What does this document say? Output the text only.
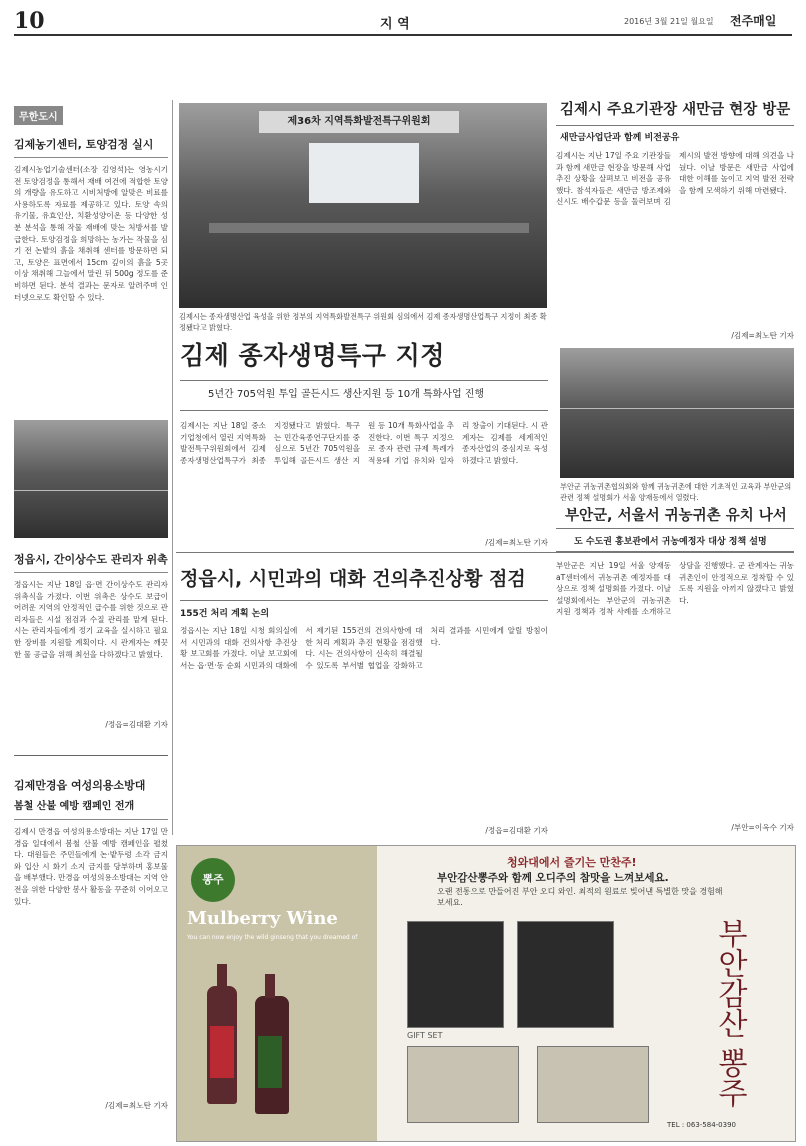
10	지 역	2016년 3월 21일 월요일 전주매일
무한도시
김제농기센터, 토양검정 실시
김제시농업기술센터(소장 김영석)는 영농시기 전 토양검정을 통해서 재배 여건에 적합한 토양의 개량을 유도하고 시비처방에 알맞은 비료를 사용하도록 자료를 제공하고 있다. 토양 속의 유기물, 유효인산, 치환성양이온 등 다양한 성분 분석을 통해 작물 재배에 맞는 처방서를 발급한다. 토양검정을 희망하는 농가는 작물을 심기 전 논밭의 흙을 채취해 센터를 방문하면 되고, 토양은 표면에서 15cm 깊이의 흙을 5곳 이상 채취해 그늘에서 말린 뒤 500g 정도를 준비하면 된다. 분석 결과는 문자로 알려주며 인터넷으로도 확인할 수 있다.
정읍시, 간이상수도 관리자 위촉
정읍시는 지난 18일 읍·면 간이상수도 관리자 위촉식을 가졌다. 이번 위촉은 상수도 보급이 어려운 지역의 안정적인 급수를 위한 것으로 관리자들은 시설 점검과 수질 관리를 맡게 된다. 시는 관리자들에게 정기 교육을 실시하고 필요한 장비를 지원할 계획이다. 시 관계자는 깨끗한 물 공급을 위해 최선을 다하겠다고 밝혔다.
/정읍=김대환 기자
김제만경읍 여성의용소방대
봄철 산불 예방 캠페인 전개
김제시 만경읍 여성의용소방대는 지난 17일 만경읍 일대에서 봄철 산불 예방 캠페인을 펼쳤다. 대원들은 주민들에게 논·밭두렁 소각 금지와 입산 시 화기 소지 금지를 당부하며 홍보물을 배부했다. 만경읍 여성의용소방대는 지역 안전을 위한 다양한 봉사 활동을 꾸준히 이어오고 있다.
/김제=최노탄 기자
제36차 지역특화발전특구위원회
김제시는 종자생명산업 육성을 위한 정부의 지역특화발전특구 위원회 심의에서 김제 종자생명산업특구 지정이 최종 확정됐다고 밝혔다.
김제 종자생명특구 지정
5년간 705억원 투입 골든시드 생산지원 등 10개 특화사업 진행
김제시는 지난 18일 중소기업청에서 열린 지역특화발전특구위원회에서 김제 종자생명산업특구가 최종 지정됐다고 밝혔다. 특구는 민간육종연구단지를 중심으로 5년간 705억원을 투입해 골든시드 생산 지원 등 10개 특화사업을 추진한다. 이번 특구 지정으로 종자 관련 규제 특례가 적용돼 기업 유치와 일자리 창출이 기대된다. 시 관계자는 김제를 세계적인 종자산업의 중심지로 육성하겠다고 밝혔다.
/김제=최노탄 기자
정읍시, 시민과의 대화 건의추진상황 점검
155건 처리 계획 논의
정읍시는 지난 18일 시청 회의실에서 시민과의 대화 건의사항 추진상황 보고회를 가졌다. 이날 보고회에서는 읍·면·동 순회 시민과의 대화에서 제기된 155건의 건의사항에 대한 처리 계획과 추진 현황을 점검했다. 시는 건의사항이 신속히 해결될 수 있도록 부서별 협업을 강화하고 처리 결과를 시민에게 알릴 방침이다.
/정읍=김대환 기자
김제시 주요기관장 새만금 현장 방문
새만금사업단과 함께 비전공유
김제시는 지난 17일 주요 기관장들과 함께 새만금 현장을 방문해 사업 추진 상황을 살펴보고 비전을 공유했다. 참석자들은 새만금 방조제와 신시도 배수갑문 등을 둘러보며 김제시의 발전 방향에 대해 의견을 나눴다. 이날 방문은 새만금 사업에 대한 이해를 높이고 지역 발전 전략을 함께 모색하기 위해 마련됐다.
/김제=최노탄 기자
부안군 귀농귀촌협의회와 함께 귀농귀촌에 대한 기초적인 교육과 부안군의 관련 정책 설명회가 서울 양재동에서 열렸다.
부안군, 서울서 귀농귀촌 유치 나서
도 수도권 홍보관에서 귀농예정자 대상 정책 설명
부안군은 지난 19일 서울 양재동 aT센터에서 귀농귀촌 예정자를 대상으로 정책 설명회를 가졌다. 이날 설명회에서는 부안군의 귀농귀촌 지원 정책과 정착 사례를 소개하고 상담을 진행했다. 군 관계자는 귀농귀촌인이 안정적으로 정착할 수 있도록 지원을 아끼지 않겠다고 밝혔다.
/부안=이옥수 기자
뽕주
Mulberry Wine
You can now enjoy the wild ginseng that you dreamed of
청와대에서 즐기는 만찬주!
부안감산뽕주와 함께 오디주의 참맛을 느껴보세요.
오랜 전통으로 만들어진 부안 오디 와인. 최적의 원료로 빚어낸 특별한 맛을 경험해 보세요.
부안감산 뽕주
GIFT SET
TEL : 063-584-0390
